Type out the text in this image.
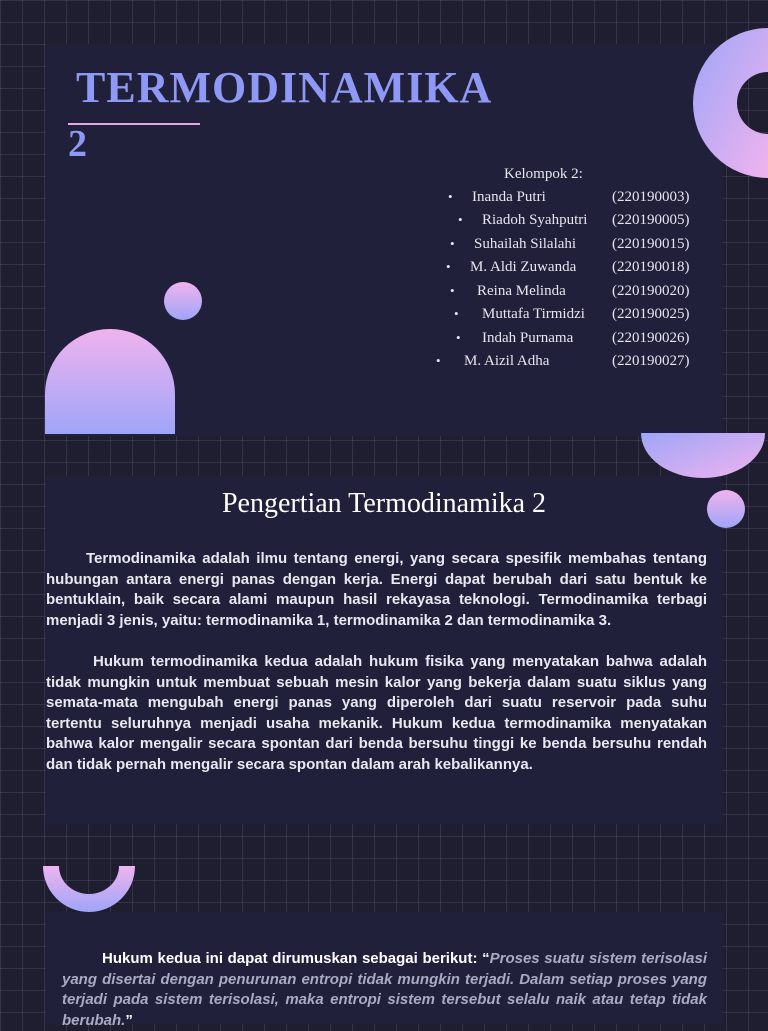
TERMODINAMIKA
2
Kelompok 2:
• Inanda Putri	(220190003)
• Riadoh Syahputri (220190005)
• Suhailah Silalahi (220190015)
• M. Aldi Zuwanda (220190018)
• Reina Melinda	(220190020)
• Muttafa Tirmidzi (220190025)
• Indah Purnama	(220190026)
• M. Aizil Adha	(220190027)
Pengertian Termodinamika 2

Termodinamika adalah ilmu tentang energi, yang secara spesifik membahas tentang hubungan antara energi panas dengan kerja. Energi dapat berubah dari satu bentuk ke bentuklain, baik secara alami maupun hasil rekayasa teknologi. Termodinamika terbagi menjadi 3 jenis, yaitu: termodinamika 1, termodinamika 2 dan termodinamika 3.

Hukum termodinamika kedua adalah hukum fisika yang menyatakan bahwa adalah tidak mungkin untuk membuat sebuah mesin kalor yang bekerja dalam suatu siklus yang semata-mata mengubah energi panas yang diperoleh dari suatu reservoir pada suhu tertentu seluruhnya menjadi usaha mekanik. Hukum kedua termodinamika menyatakan bahwa kalor mengalir secara spontan dari benda bersuhu tinggi ke benda bersuhu rendah dan tidak pernah mengalir secara spontan dalam arah kebalikannya.

Hukum kedua ini dapat dirumuskan sebagai berikut: “Proses suatu sistem terisolasi yang disertai dengan penurunan entropi tidak mungkin terjadi. Dalam setiap proses yang terjadi pada sistem terisolasi, maka entropi sistem tersebut selalu naik atau tetap tidak berubah.”
